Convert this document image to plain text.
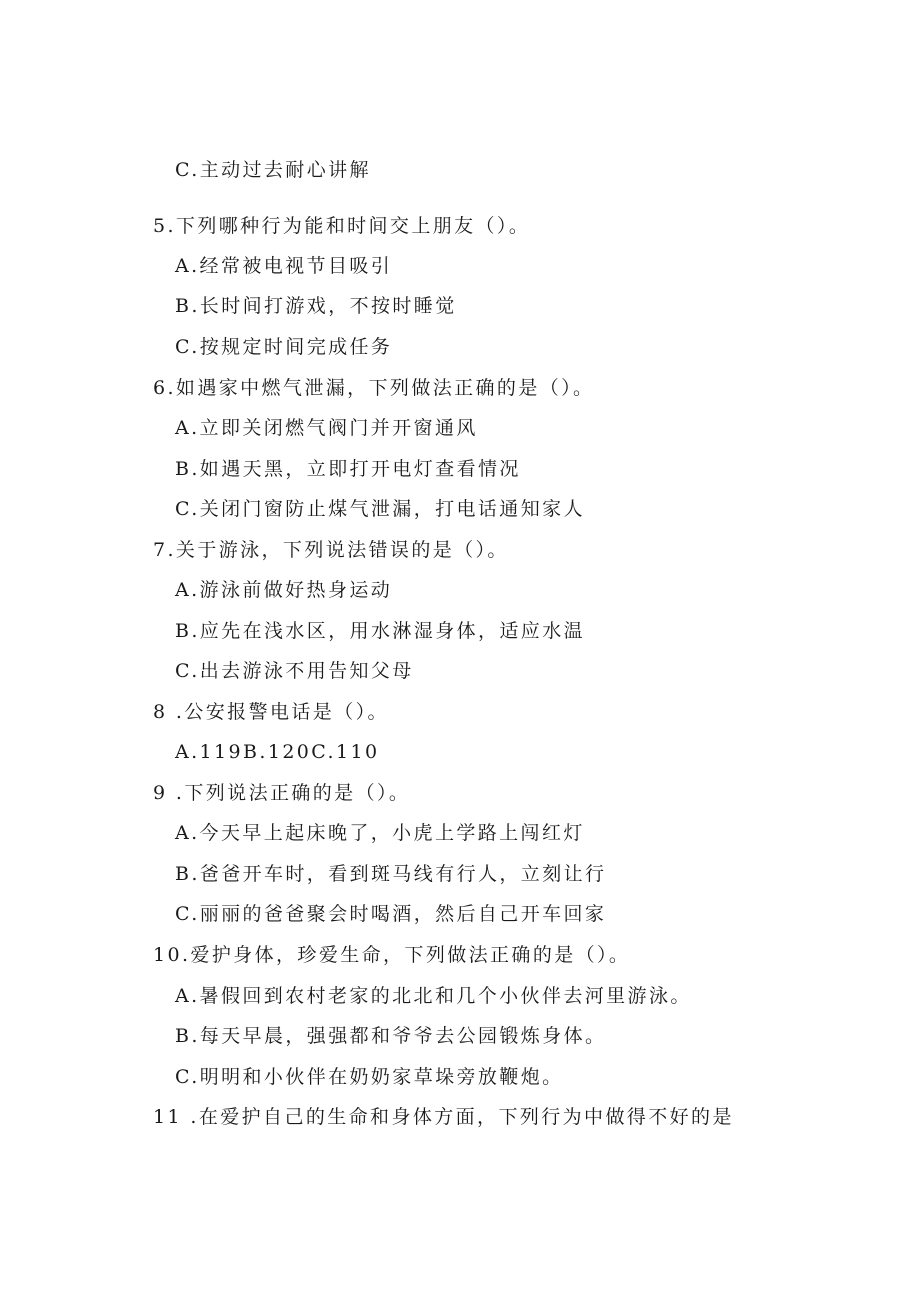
C.主动过去耐心讲解
5.下列哪种行为能和时间交上朋友（）。
A.经常被电视节目吸引
B.长时间打游戏，不按时睡觉
C.按规定时间完成任务
6.如遇家中燃气泄漏，下列做法正确的是（）。
A.立即关闭燃气阀门并开窗通风
B.如遇天黑，立即打开电灯查看情况
C.关闭门窗防止煤气泄漏，打电话通知家人
7.关于游泳，下列说法错误的是（）。
A.游泳前做好热身运动
B.应先在浅水区，用水淋湿身体，适应水温
C.出去游泳不用告知父母
8 .公安报警电话是（）。
A.119B.120C.110
9 .下列说法正确的是（）。
A.今天早上起床晚了，小虎上学路上闯红灯
B.爸爸开车时，看到斑马线有行人，立刻让行
C.丽丽的爸爸聚会时喝酒，然后自己开车回家
10.爱护身体，珍爱生命，下列做法正确的是（）。
A.暑假回到农村老家的北北和几个小伙伴去河里游泳。
B.每天早晨，强强都和爷爷去公园锻炼身体。
C.明明和小伙伴在奶奶家草垛旁放鞭炮。
11 .在爱护自己的生命和身体方面，下列行为中做得不好的是
